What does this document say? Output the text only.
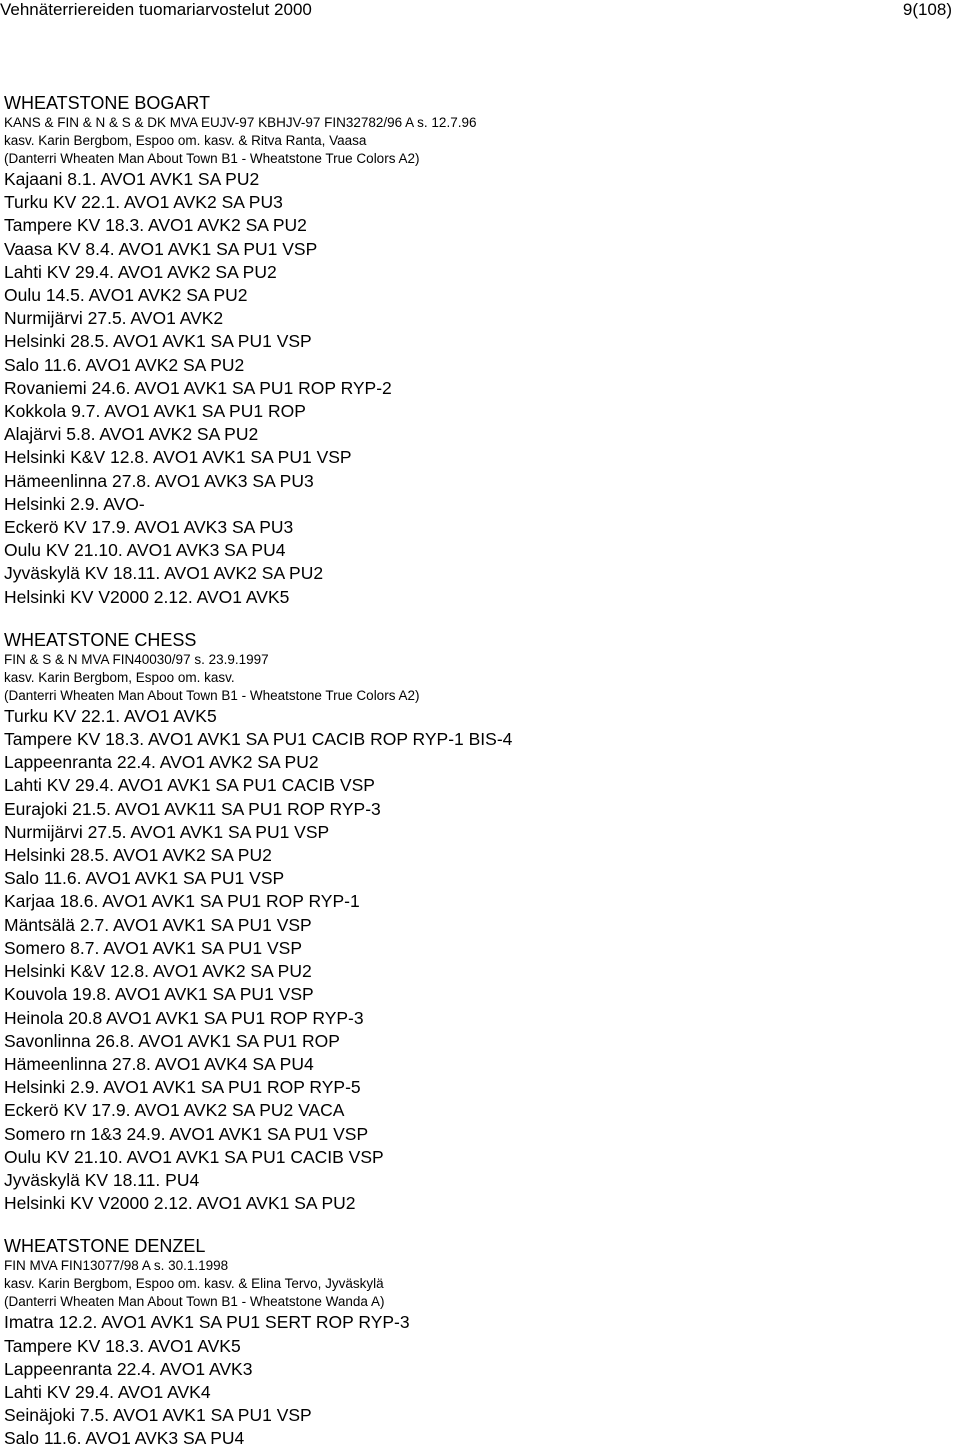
Vehnäterriereiden tuomariarvostelut 2000	9(108)
WHEATSTONE BOGART
KANS & FIN & N & S & DK MVA EUJV-97 KBHJV-97 FIN32782/96 A s. 12.7.96
kasv. Karin Bergbom, Espoo om. kasv. & Ritva Ranta, Vaasa
(Danterri Wheaten Man About Town B1 - Wheatstone True Colors A2)
Kajaani 8.1. AVO1 AVK1 SA PU2
Turku KV 22.1. AVO1 AVK2 SA PU3
Tampere KV 18.3. AVO1 AVK2 SA PU2
Vaasa KV 8.4. AVO1 AVK1 SA PU1 VSP
Lahti KV 29.4. AVO1 AVK2 SA PU2
Oulu 14.5. AVO1 AVK2 SA PU2
Nurmijärvi 27.5. AVO1 AVK2
Helsinki 28.5. AVO1 AVK1 SA PU1 VSP
Salo 11.6. AVO1 AVK2 SA PU2
Rovaniemi 24.6. AVO1 AVK1 SA PU1 ROP RYP-2
Kokkola 9.7. AVO1 AVK1 SA PU1 ROP
Alajärvi 5.8. AVO1 AVK2 SA PU2
Helsinki K&V 12.8. AVO1 AVK1 SA PU1 VSP
Hämeenlinna 27.8. AVO1 AVK3 SA PU3
Helsinki 2.9. AVO-
Eckerö KV 17.9. AVO1 AVK3 SA PU3
Oulu KV 21.10. AVO1 AVK3 SA PU4
Jyväskylä KV 18.11. AVO1 AVK2 SA PU2
Helsinki KV V2000 2.12. AVO1 AVK5
WHEATSTONE CHESS
FIN & S & N MVA FIN40030/97 s. 23.9.1997
kasv. Karin Bergbom, Espoo om. kasv.
(Danterri Wheaten Man About Town B1 - Wheatstone True Colors A2)
Turku KV 22.1. AVO1 AVK5
Tampere KV 18.3. AVO1 AVK1 SA PU1 CACIB ROP RYP-1 BIS-4
Lappeenranta 22.4. AVO1 AVK2 SA PU2
Lahti KV 29.4. AVO1 AVK1 SA PU1 CACIB VSP
Eurajoki 21.5. AVO1 AVK11 SA PU1 ROP RYP-3
Nurmijärvi 27.5. AVO1 AVK1 SA PU1 VSP
Helsinki 28.5. AVO1 AVK2 SA PU2
Salo 11.6. AVO1 AVK1 SA PU1 VSP
Karjaa 18.6. AVO1 AVK1 SA PU1 ROP RYP-1
Mäntsälä 2.7. AVO1 AVK1 SA PU1 VSP
Somero 8.7. AVO1 AVK1 SA PU1 VSP
Helsinki K&V 12.8. AVO1 AVK2 SA PU2
Kouvola 19.8. AVO1 AVK1 SA PU1 VSP
Heinola 20.8 AVO1 AVK1 SA PU1 ROP RYP-3
Savonlinna 26.8. AVO1 AVK1 SA PU1 ROP
Hämeenlinna 27.8. AVO1 AVK4 SA PU4
Helsinki 2.9. AVO1 AVK1 SA PU1 ROP RYP-5
Eckerö KV 17.9. AVO1 AVK2 SA PU2 VACA
Somero rn 1&3 24.9. AVO1 AVK1 SA PU1 VSP
Oulu KV 21.10. AVO1 AVK1 SA PU1 CACIB VSP
Jyväskylä KV 18.11. PU4
Helsinki KV V2000 2.12. AVO1 AVK1 SA PU2
WHEATSTONE DENZEL
FIN MVA FIN13077/98 A s. 30.1.1998
kasv. Karin Bergbom, Espoo om. kasv. & Elina Tervo, Jyväskylä
(Danterri Wheaten Man About Town B1 - Wheatstone Wanda A)
Imatra 12.2. AVO1 AVK1 SA PU1 SERT ROP RYP-3
Tampere KV 18.3. AVO1 AVK5
Lappeenranta 22.4. AVO1 AVK3
Lahti KV 29.4. AVO1 AVK4
Seinäjoki 7.5. AVO1 AVK1 SA PU1 VSP
Salo 11.6. AVO1 AVK3 SA PU4
